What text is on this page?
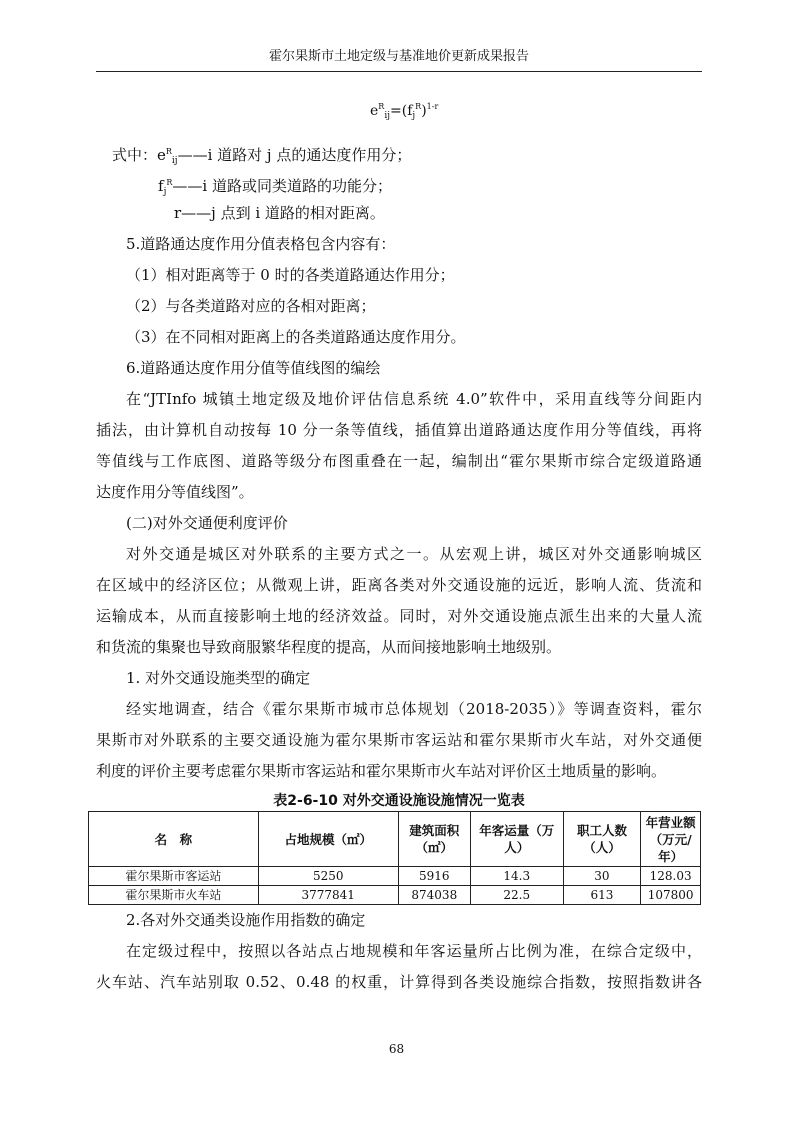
霍尔果斯市土地定级与基准地价更新成果报告
$e^R_{ij}=(f_j^R)^{1-r}$
式中：$e^R_{ij}——i$ 道路对 j 点的通达度作用分；
$f_j^R——i$ 道路或同类道路的功能分；
r——j 点到 i 道路的相对距离。
5.道路通达度作用分值表格包含内容有：
（1）相对距离等于 0 时的各类道路通达作用分；
（2）与各类道路对应的各相对距离；
（3）在不同相对距离上的各类道路通达度作用分。
6.道路通达度作用分值等值线图的编绘
在“JTInfo 城镇土地定级及地价评估信息系统 4.0”软件中，采用直线等分间距内
插法，由计算机自动按每 10 分一条等值线，插值算出道路通达度作用分等值线，再将
等值线与工作底图、道路等级分布图重叠在一起，编制出“霍尔果斯市综合定级道路通
达度作用分等值线图”。
(二)对外交通便利度评价
对外交通是城区对外联系的主要方式之一。从宏观上讲，城区对外交通影响城区
在区域中的经济区位；从微观上讲，距离各类对外交通设施的远近，影响人流、货流和
运输成本，从而直接影响土地的经济效益。同时，对外交通设施点派生出来的大量人流
和货流的集聚也导致商服繁华程度的提高，从而间接地影响土地级别。
1. 对外交通设施类型的确定
经实地调查，结合《霍尔果斯市城市总体规划（2018-2035）》等调查资料，霍尔
果斯市对外联系的主要交通设施为霍尔果斯市客运站和霍尔果斯市火车站，对外交通便
利度的评价主要考虑霍尔果斯市客运站和霍尔果斯市火车站对评价区土地质量的影响。
表2-6-10 对外交通设施设施情况一览表
名　称	占地规模（㎡）	建筑面积（㎡）	年客运量（万人）	职工人数（人）	年营业额（万元/年）
霍尔果斯市客运站	5250	5916	14.3	30	128.03
霍尔果斯市火车站	3777841	874038	22.5	613	107800
2.各对外交通类设施作用指数的确定
在定级过程中，按照以各站点占地规模和年客运量所占比例为准，在综合定级中，
火车站、汽车站别取 0.52、0.48 的权重，计算得到各类设施综合指数，按照指数讲各
68
